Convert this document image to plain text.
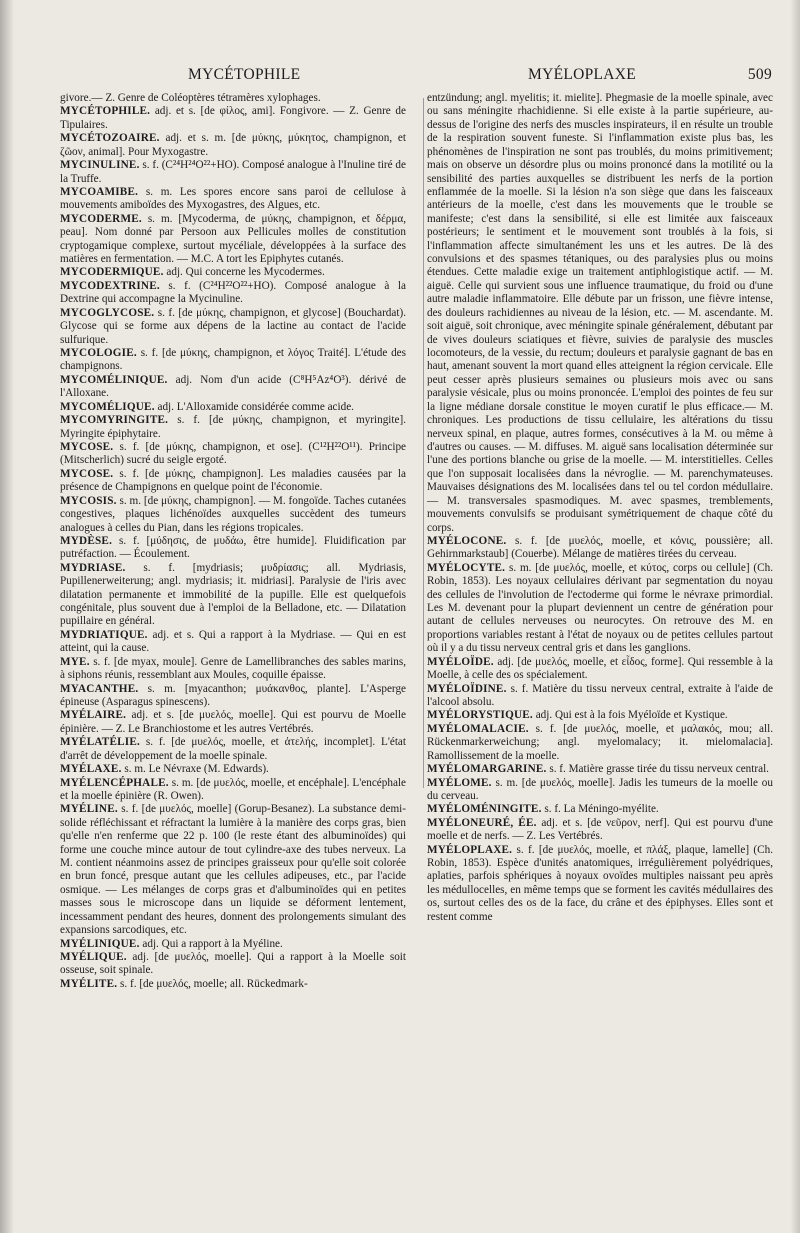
MYCÉTOPHILE	MYÉLOPLAXE	509

givore.— Z. Genre de Coléoptères tétramères xylophages.

MYCÉTOPHILE. adj. et s. [de φίλος, ami]. Fongivore. — Z. Genre de Tipulaires.

MYCÉTOZOAIRE. adj. et s. m. [de μύκης, μύκητος, champignon, et ζῶον, animal]. Pour Myxogastre.

MYCINULINE. s. f. (C²⁴H²⁴O²²+HO). Composé analogue à l'Inuline tiré de la Truffe.

MYCOAMIBE. s. m. Les spores encore sans paroi de cellulose à mouvements amiboïdes des Myxogastres, des Algues, etc.

MYCODERME. s. m. [Mycoderma, de μύκης, champignon, et δέρμα, peau]. Nom donné par Persoon aux Pellicules molles de constitution cryptogamique complexe, surtout mycéliale, développées à la surface des matières en fermentation. — M.C. A tort les Epiphytes cutanés.

MYCODERMIQUE. adj. Qui concerne les Mycodermes.

MYCODEXTRINE. s. f. (C²⁴H²²O²²+HO). Composé analogue à la Dextrine qui accompagne la Mycinuline.

MYCOGLYCOSE. s. f. [de μύκης, champignon, et glycose] (Bouchardat). Glycose qui se forme aux dépens de la lactine au contact de l'acide sulfurique.

MYCOLOGIE. s. f. [de μύκης, champignon, et λόγος Traité]. L'étude des champignons.

MYCOMÉLINIQUE. adj. Nom d'un acide (C⁸H⁵Az⁴O³). dérivé de l'Alloxane.

MYCOMÉLIQUE. adj. L'Alloxamide considérée comme acide.

MYCOMYRINGITE. s. f. [de μύκης, champignon, et myringite]. Myringite épiphytaire.

MYCOSE. s. f. [de μύκης, champignon, et ose]. (C¹²H²²O¹¹). Principe (Mitscherlich) sucré du seigle ergoté.

MYCOSE. s. f. [de μύκης, champignon]. Les maladies causées par la présence de Champignons en quelque point de l'économie.

MYCOSIS. s. m. [de μύκης, champignon]. — M. fongoïde. Taches cutanées congestives, plaques lichénoïdes auxquelles succèdent des tumeurs analogues à celles du Pian, dans les régions tropicales.

MYDÈSE. s. f. [μύδησις, de μυδάω, être humide]. Fluidification par putréfaction. — Écoulement.

MYDRIASE. s. f. [mydriasis; μυδρίασις; all. Mydriasis, Pupillenerweiterung; angl. mydriasis; it. midriasi]. Paralysie de l'iris avec dilatation permanente et immobilité de la pupille. Elle est quelquefois congénitale, plus souvent due à l'emploi de la Belladone, etc. — Dilatation pupillaire en général.

MYDRIATIQUE. adj. et s. Qui a rapport à la Mydriase. — Qui en est atteint, qui la cause.

MYE. s. f. [de myax, moule]. Genre de Lamellibranches des sables marins, à siphons réunis, ressemblant aux Moules, coquille épaisse.

MYACANTHE. s. m. [myacanthon; μυάκανθος, plante]. L'Asperge épineuse (Asparagus spinescens).

MYÉLAIRE. adj. et s. [de μυελός, moelle]. Qui est pourvu de Moelle épinière. — Z. Le Branchiostome et les autres Vertébrés.

MYÉLATÉLIE. s. f. [de μυελός, moelle, et ἀτελής, incomplet]. L'état d'arrêt de développement de la moelle spinale.

MYÉLAXE. s. m. Le Névraxe (M. Edwards).

MYÉLENCÉPHALE. s. m. [de μυελός, moelle, et encéphale]. L'encéphale et la moelle épinière (R. Owen).

MYÉLINE. s. f. [de μυελός, moelle] (Gorup-Besanez). La substance demi-solide réfléchissant et réfractant la lumière à la manière des corps gras, bien qu'elle n'en renferme que 22 p. 100 (le reste étant des albuminoïdes) qui forme une couche mince autour de tout cylindre-axe des tubes nerveux. La M. contient néanmoins assez de principes graisseux pour qu'elle soit colorée en brun foncé, presque autant que les cellules adipeuses, etc., par l'acide osmique. — Les mélanges de corps gras et d'albuminoïdes qui en petites masses sous le microscope dans un liquide se déforment lentement, incessamment pendant des heures, donnent des prolongements simulant des expansions sarcodiques, etc.

MYÉLINIQUE. adj. Qui a rapport à la Myéline.

MYÉLIQUE. adj. [de μυελός, moelle]. Qui a rapport à la Moelle soit osseuse, soit spinale.

MYÉLITE. s. f. [de μυελός, moelle; all. Rückedmark-

entzündung; angl. myelitis; it. mielite]. Phegmasie de la moelle spinale, avec ou sans méningite rhachidienne. Si elle existe à la partie supérieure, au-dessus de l'origine des nerfs des muscles inspirateurs, il en résulte un trouble de la respiration souvent funeste. Si l'inflammation existe plus bas, les phénomènes de l'inspiration ne sont pas troublés, du moins primitivement; mais on observe un désordre plus ou moins prononcé dans la motilité ou la sensibilité des parties auxquelles se distribuent les nerfs de la portion enflammée de la moelle. Si la lésion n'a son siège que dans les faisceaux antérieurs de la moelle, c'est dans les mouvements que le trouble se manifeste; c'est dans la sensibilité, si elle est limitée aux faisceaux postérieurs; le sentiment et le mouvement sont troublés à la fois, si l'inflammation affecte simultanément les uns et les autres. De là des convulsions et des spasmes tétaniques, ou des paralysies plus ou moins étendues. Cette maladie exige un traitement antiphlogistique actif. — M. aiguë. Celle qui survient sous une influence traumatique, du froid ou d'une autre maladie inflammatoire. Elle débute par un frisson, une fièvre intense, des douleurs rachidiennes au niveau de la lésion, etc. — M. ascendante. M. soit aiguë, soit chronique, avec méningite spinale généralement, débutant par de vives douleurs sciatiques et fièvre, suivies de paralysie des muscles locomoteurs, de la vessie, du rectum; douleurs et paralysie gagnant de bas en haut, amenant souvent la mort quand elles atteignent la région cervicale. Elle peut cesser après plusieurs semaines ou plusieurs mois avec ou sans paralysie vésicale, plus ou moins prononcée. L'emploi des pointes de feu sur la ligne médiane dorsale constitue le moyen curatif le plus efficace.— M. chroniques. Les productions de tissu cellulaire, les altérations du tissu nerveux spinal, en plaque, autres formes, consécutives à la M. ou même à d'autres ou causes. — M. diffuses. M. aiguë sans localisation déterminée sur l'une des portions blanche ou grise de la moelle. — M. interstitielles. Celles que l'on supposait localisées dans la névroglie. — M. parenchymateuses. Mauvaises désignations des M. localisées dans tel ou tel cordon médullaire. — M. transversales spasmodiques. M. avec spasmes, tremblements, mouvements convulsifs se produisant symétriquement de chaque côté du corps.

MYÉLOCONE. s. f. [de μυελός, moelle, et κόνις, poussière; all. Gehirnmarkstaub] (Couerbe). Mélange de matières tirées du cerveau.

MYÉLOCYTE. s. m. [de μυελός, moelle, et κύτος, corps ou cellule] (Ch. Robin, 1853). Les noyaux cellulaires dérivant par segmentation du noyau des cellules de l'involution de l'ectoderme qui forme le névraxe primordial. Les M. devenant pour la plupart deviennent un centre de génération pour autant de cellules nerveuses ou neurocytes. On retrouve des M. en proportions variables restant à l'état de noyaux ou de petites cellules partout où il y a du tissu nerveux central gris et dans les ganglions.

MYÉLOÏDE. adj. [de μυελός, moelle, et εἶδος, forme]. Qui ressemble à la Moelle, à celle des os spécialement.

MYÉLOÏDINE. s. f. Matière du tissu nerveux central, extraite à l'aide de l'alcool absolu.

MYÉLORYSTIQUE. adj. Qui est à la fois Myéloïde et Kystique.

MYÉLOMALACIE. s. f. [de μυελός, moelle, et μαλακός, mou; all. Rückenmarkerweichung; angl. myelomalacy; it. mielomalacia]. Ramollissement de la moelle.

MYÉLOMARGARINE. s. f. Matière grasse tirée du tissu nerveux central.

MYÉLOME. s. m. [de μυελός, moelle]. Jadis les tumeurs de la moelle ou du cerveau.

MYÉLOMÉNINGITE. s. f. La Méningo-myélite.

MYÉLONEURÉ, ÉE. adj. et s. [de νεῦρον, nerf]. Qui est pourvu d'une moelle et de nerfs. — Z. Les Vertébrés.

MYÉLOPLAXE. s. f. [de μυελός, moelle, et πλάξ, plaque, lamelle] (Ch. Robin, 1853). Espèce d'unités anatomiques, irrégulièrement polyédriques, aplaties, parfois sphériques à noyaux ovoïdes multiples naissant peu après les médullocelles, en même temps que se forment les cavités médullaires des os, surtout celles des os de la face, du crâne et des épiphyses. Elles sont et restent comme
